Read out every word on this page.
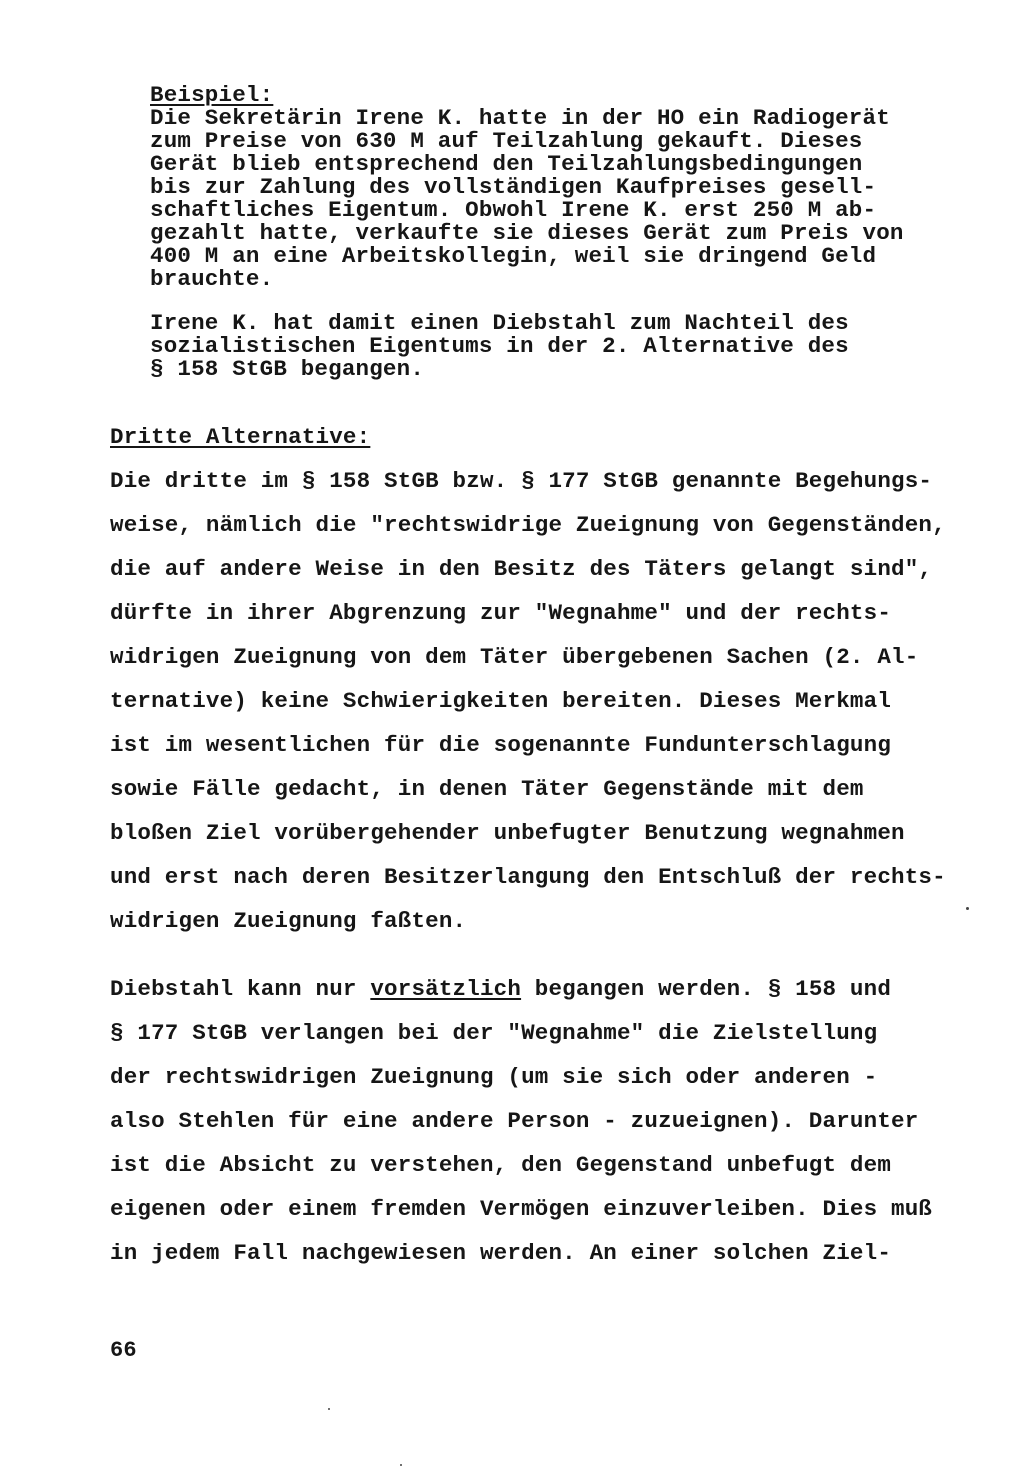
Beispiel:
Die Sekretärin Irene K. hatte in der HO ein Radiogerät
zum Preise von 630 M auf Teilzahlung gekauft. Dieses
Gerät blieb entsprechend den Teilzahlungsbedingungen
bis zur Zahlung des vollständigen Kaufpreises gesell-
schaftliches Eigentum. Obwohl Irene K. erst 250 M ab-
gezahlt hatte, verkaufte sie dieses Gerät zum Preis von
400 M an eine Arbeitskollegin, weil sie dringend Geld
brauchte.
Irene K. hat damit einen Diebstahl zum Nachteil des
sozialistischen Eigentums in der 2. Alternative des
§ 158 StGB begangen.
Dritte Alternative:
Die dritte im § 158 StGB bzw. § 177 StGB genannte Begehungs-
weise, nämlich die "rechtswidrige Zueignung von Gegenständen,
die auf andere Weise in den Besitz des Täters gelangt sind",
dürfte in ihrer Abgrenzung zur "Wegnahme" und der rechts-
widrigen Zueignung von dem Täter übergebenen Sachen (2. Al-
ternative) keine Schwierigkeiten bereiten. Dieses Merkmal
ist im wesentlichen für die sogenannte Fundunterschlagung
sowie Fälle gedacht, in denen Täter Gegenstände mit dem
bloßen Ziel vorübergehender unbefugter Benutzung wegnahmen
und erst nach deren Besitzerlangung den Entschluß der rechts-
widrigen Zueignung faßten.
Diebstahl kann nur vorsätzlich begangen werden. § 158 und
§ 177 StGB verlangen bei der "Wegnahme" die Zielstellung
der rechtswidrigen Zueignung (um sie sich oder anderen -
also Stehlen für eine andere Person - zuzueignen). Darunter
ist die Absicht zu verstehen, den Gegenstand unbefugt dem
eigenen oder einem fremden Vermögen einzuverleiben. Dies muß
in jedem Fall nachgewiesen werden. An einer solchen Ziel-
66
